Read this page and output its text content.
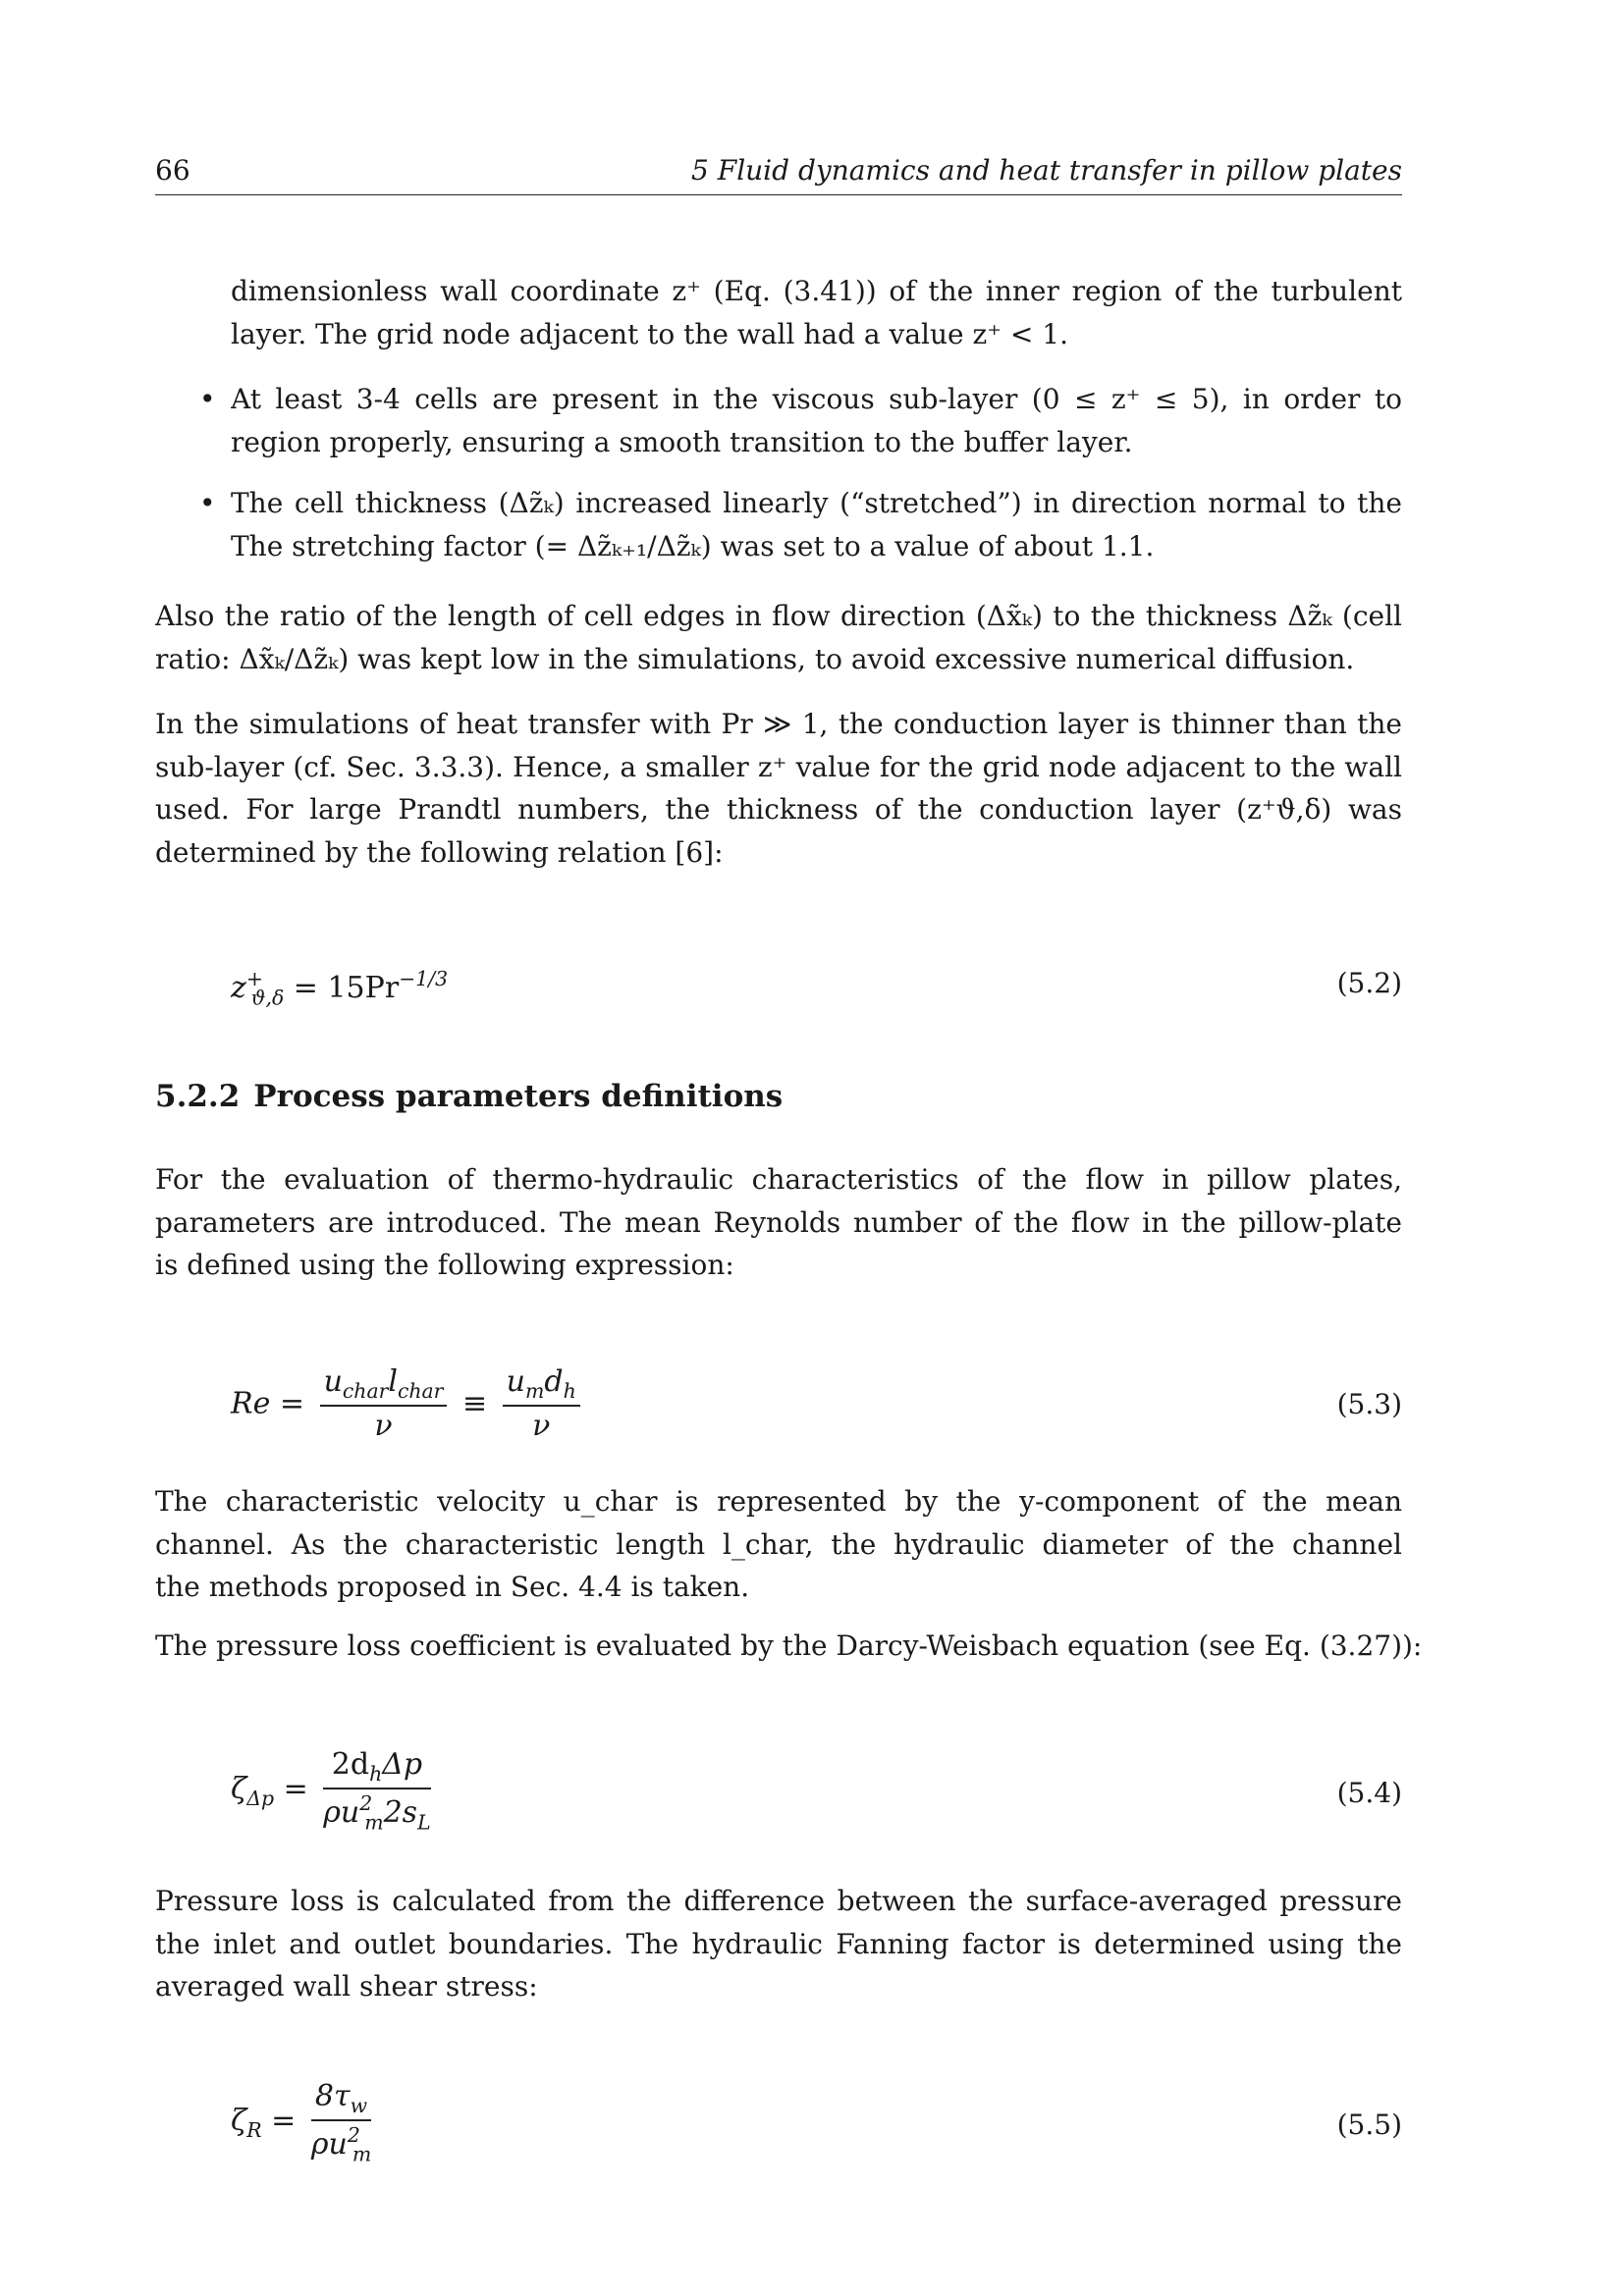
66	5 Fluid dynamics and heat transfer in pillow plates
dimensionless wall coordinate z⁺ (Eq. (3.41)) of the inner region of the turbulent
layer. The grid node adjacent to the wall had a value z⁺ < 1.
• At least 3-4 cells are present in the viscous sub-layer (0 ≤ z⁺ ≤ 5), in order to
region properly, ensuring a smooth transition to the buffer layer.
• The cell thickness (Δz̃ₖ) increased linearly (“stretched”) in direction normal to the
The stretching factor (= Δz̃ₖ₊₁/Δz̃ₖ) was set to a value of about 1.1.
Also the ratio of the length of cell edges in flow direction (Δx̃ₖ) to the thickness Δz̃ₖ (cell
ratio: Δx̃ₖ/Δz̃ₖ) was kept low in the simulations, to avoid excessive numerical diffusion.
In the simulations of heat transfer with Pr ≫ 1, the conduction layer is thinner than the
sub-layer (cf. Sec. 3.3.3). Hence, a smaller z⁺ value for the grid node adjacent to the wall
used. For large Prandtl numbers, the thickness of the conduction layer (z⁺ϑ,δ) was
determined by the following relation [6]:
$z^+_{ϑ,\delta} = 15Pr^{-1/3}$	(5.2)
5.2.2 Process parameters definitions
For the evaluation of thermo-hydraulic characteristics of the flow in pillow plates,
parameters are introduced. The mean Reynolds number of the flow in the pillow-plate
is defined using the following expression:
$Re = \frac{u_{char}l_{char}}{\nu} \equiv \frac{u_md_h}{\nu}$	(5.3)
The characteristic velocity u_char is represented by the y-component of the mean
channel. As the characteristic length l_char, the hydraulic diameter of the channel
the methods proposed in Sec. 4.4 is taken.
The pressure loss coefficient is evaluated by the Darcy-Weisbach equation (see Eq. (3.27)):
$\zeta_{\Delta p} = \frac{2d_h\Delta p}{\rho u^2_m2s_L}$	(5.4)
Pressure loss is calculated from the difference between the surface-averaged pressure
the inlet and outlet boundaries. The hydraulic Fanning factor is determined using the
averaged wall shear stress:
$\zeta_R = \frac{8\tau_w}{\rho u^2_m}$	(5.5)
